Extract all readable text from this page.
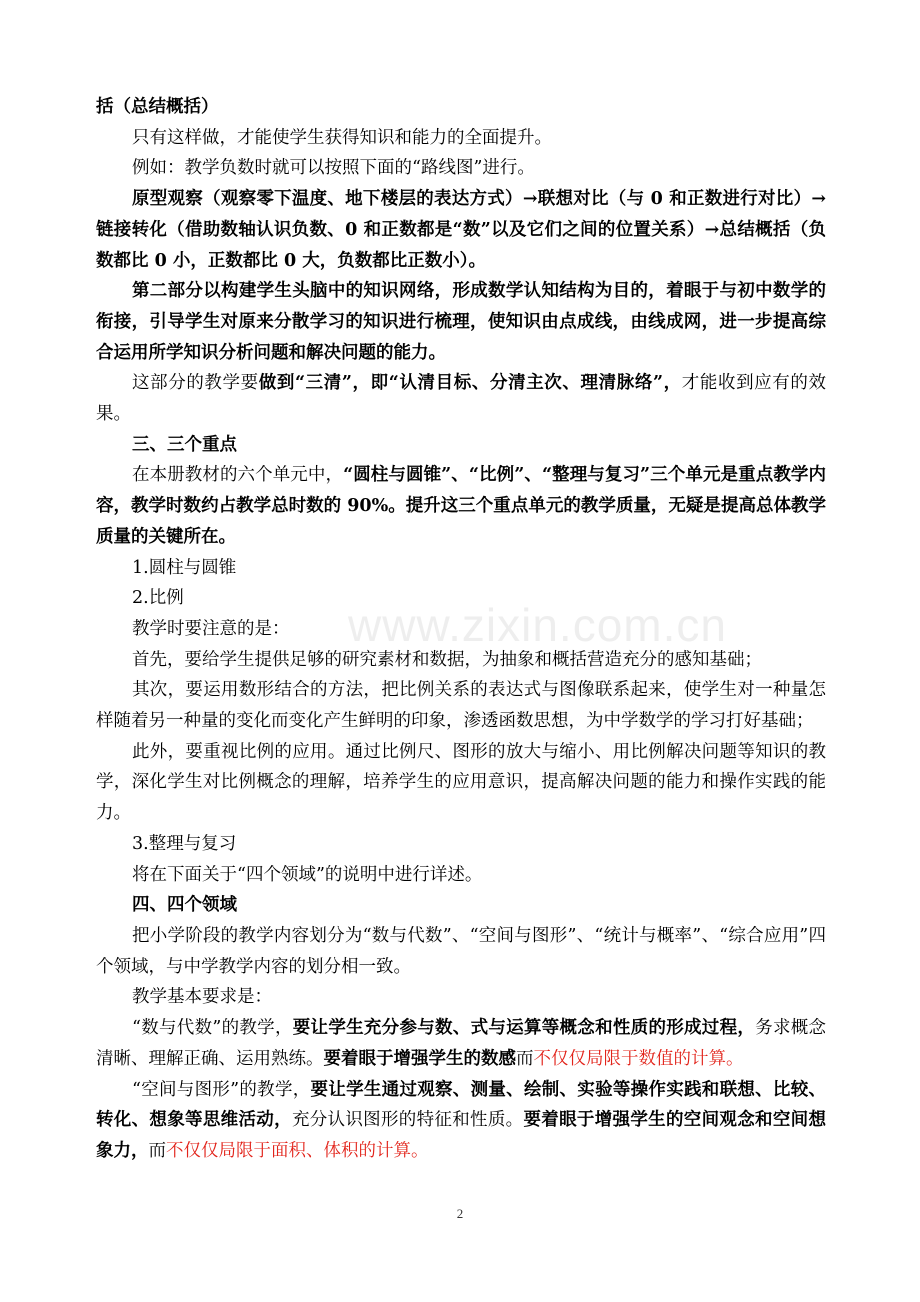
www.zixin.com.cn

括（总结概括）

只有这样做，才能使学生获得知识和能力的全面提升。

例如：教学负数时就可以按照下面的“路线图”进行。

原型观察（观察零下温度、地下楼层的表达方式）→联想对比（与 0 和正数进行对比）→链接转化（借助数轴认识负数、0 和正数都是“数”以及它们之间的位置关系）→总结概括（负数都比 0 小，正数都比 0 大，负数都比正数小）。

第二部分以构建学生头脑中的知识网络，形成数学认知结构为目的，着眼于与初中数学的衔接，引导学生对原来分散学习的知识进行梳理，使知识由点成线，由线成网，进一步提高综合运用所学知识分析问题和解决问题的能力。

这部分的教学要做到“三清”，即“认清目标、分清主次、理清脉络”，才能收到应有的效果。

三、三个重点

在本册教材的六个单元中，“圆柱与圆锥”、“比例”、“整理与复习”三个单元是重点教学内容，教学时数约占教学总时数的 90%。提升这三个重点单元的教学质量，无疑是提高总体教学质量的关键所在。

1.圆柱与圆锥

2.比例

教学时要注意的是：

首先，要给学生提供足够的研究素材和数据，为抽象和概括营造充分的感知基础；

其次，要运用数形结合的方法，把比例关系的表达式与图像联系起来，使学生对一种量怎样随着另一种量的变化而变化产生鲜明的印象，渗透函数思想，为中学数学的学习打好基础；

此外，要重视比例的应用。通过比例尺、图形的放大与缩小、用比例解决问题等知识的教学，深化学生对比例概念的理解，培养学生的应用意识，提高解决问题的能力和操作实践的能力。

3.整理与复习

将在下面关于“四个领域”的说明中进行详述。

四、四个领域

把小学阶段的教学内容划分为“数与代数”、“空间与图形”、“统计与概率”、“综合应用”四个领域，与中学教学内容的划分相一致。

教学基本要求是：

“数与代数”的教学，要让学生充分参与数、式与运算等概念和性质的形成过程，务求概念清晰、理解正确、运用熟练。要着眼于增强学生的数感而不仅仅局限于数值的计算。

“空间与图形”的教学，要让学生通过观察、测量、绘制、实验等操作实践和联想、比较、转化、想象等思维活动，充分认识图形的特征和性质。要着眼于增强学生的空间观念和空间想象力，而不仅仅局限于面积、体积的计算。

2
